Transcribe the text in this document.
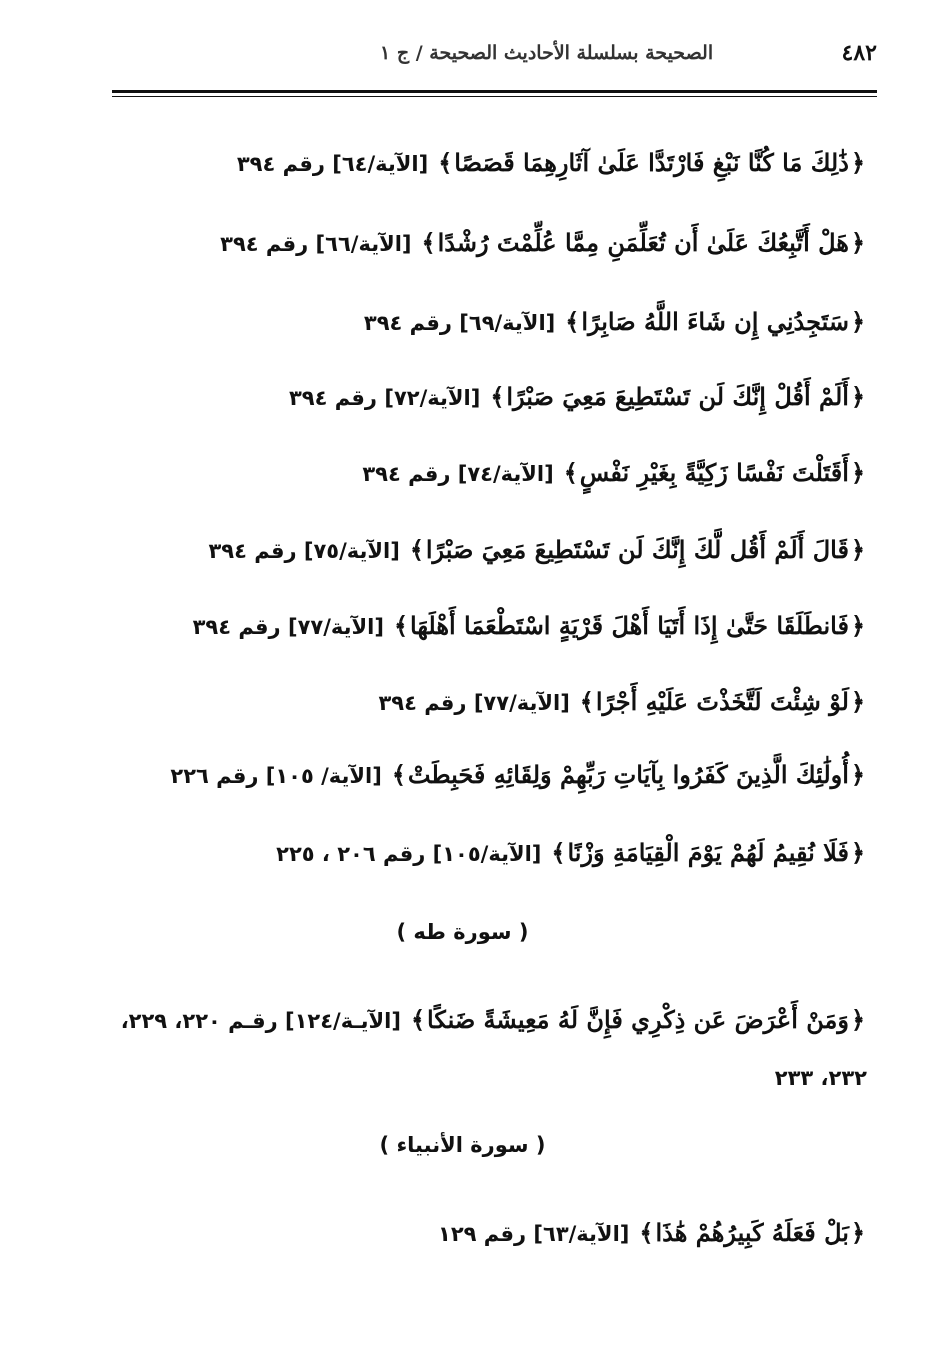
الصحيحة بسلسلة الأحاديث الصحيحة / ج ١	٤٨٢
﴿ذَٰلِكَ مَا كُنَّا نَبْغِ فَارْتَدَّا عَلَىٰ آثَارِهِمَا قَصَصًا﴾[الآية/٦٤] رقم ٣٩٤
﴿هَلْ أَتَّبِعُكَ عَلَىٰ أَن تُعَلِّمَنِ مِمَّا عُلِّمْتَ رُشْدًا﴾[الآية/٦٦] رقم ٣٩٤
﴿سَتَجِدُنِي إِن شَاءَ اللَّهُ صَابِرًا﴾[الآية/٦٩] رقم ٣٩٤
﴿أَلَمْ أَقُلْ إِنَّكَ لَن تَسْتَطِيعَ مَعِيَ صَبْرًا﴾[الآية/٧٢] رقم ٣٩٤
﴿أَقَتَلْتَ نَفْسًا زَكِيَّةً بِغَيْرِ نَفْسٍ﴾[الآية/٧٤] رقم ٣٩٤
﴿قَالَ أَلَمْ أَقُل لَّكَ إِنَّكَ لَن تَسْتَطِيعَ مَعِيَ صَبْرًا﴾[الآية/٧٥] رقم ٣٩٤
﴿فَانطَلَقَا حَتَّىٰ إِذَا أَتَيَا أَهْلَ قَرْيَةٍ اسْتَطْعَمَا أَهْلَهَا﴾[الآية/٧٧] رقم ٣٩٤
﴿لَوْ شِئْتَ لَتَّخَذْتَ عَلَيْهِ أَجْرًا﴾[الآية/٧٧] رقم ٣٩٤
﴿أُولَٰئِكَ الَّذِينَ كَفَرُوا بِآيَاتِ رَبِّهِمْ وَلِقَائِهِ فَحَبِطَتْ﴾[الآية/ ١٠٥] رقم ٢٢٦
﴿فَلَا نُقِيمُ لَهُمْ يَوْمَ الْقِيَامَةِ وَزْنًا﴾[الآية/١٠٥] رقم ٢٠٦ ، ٢٢٥
﴿وَمَنْ أَعْرَضَ عَن ذِكْرِي فَإِنَّ لَهُ مَعِيشَةً ضَنكًا﴾[الآيـة/١٢٤] رقـم ٢٢٠، ٢٢٩، ٢٣٢، ٢٣٣
﴿بَلْ فَعَلَهُ كَبِيرُهُمْ هَٰذَا﴾[الآية/٦٣] رقم ١٢٩
( سورة طه )
( سورة الأنبياء )
